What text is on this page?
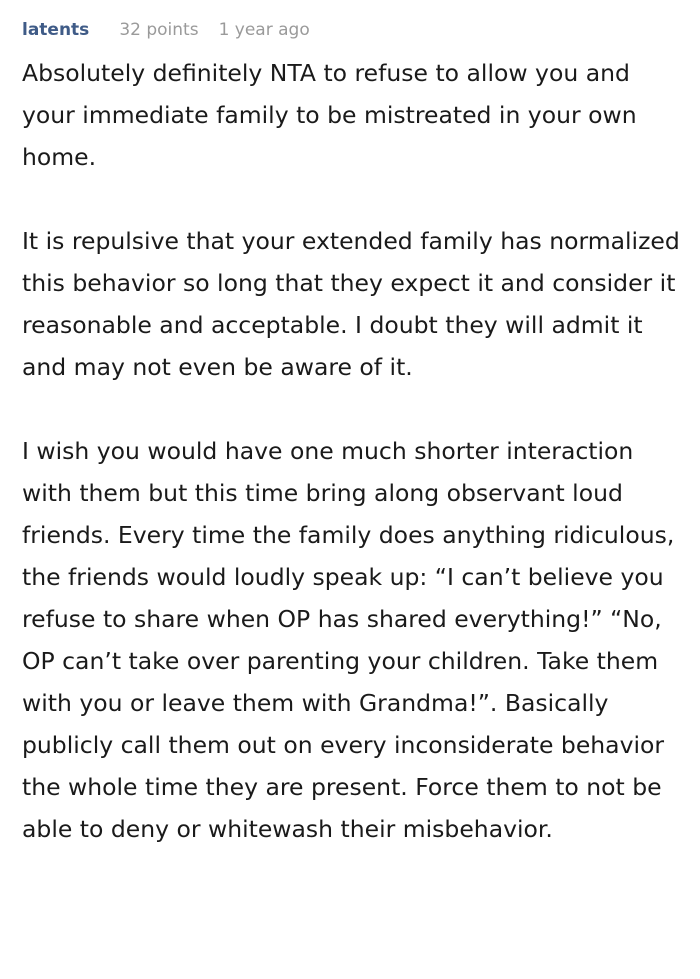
latents 32 points 1 year ago

Absolutely definitely NTA to refuse to allow you and your immediate family to be mistreated in your own home.

It is repulsive that your extended family has normalized this behavior so long that they expect it and consider it reasonable and acceptable. I doubt they will admit it and may not even be aware of it.

I wish you would have one much shorter interaction with them but this time bring along observant loud friends. Every time the family does anything ridiculous, the friends would loudly speak up: “I can’t believe you refuse to share when OP has shared everything!” “No, OP can’t take over parenting your children. Take them with you or leave them with Grandma!”. Basically publicly call them out on every inconsiderate behavior the whole time they are present. Force them to not be able to deny or whitewash their misbehavior.
